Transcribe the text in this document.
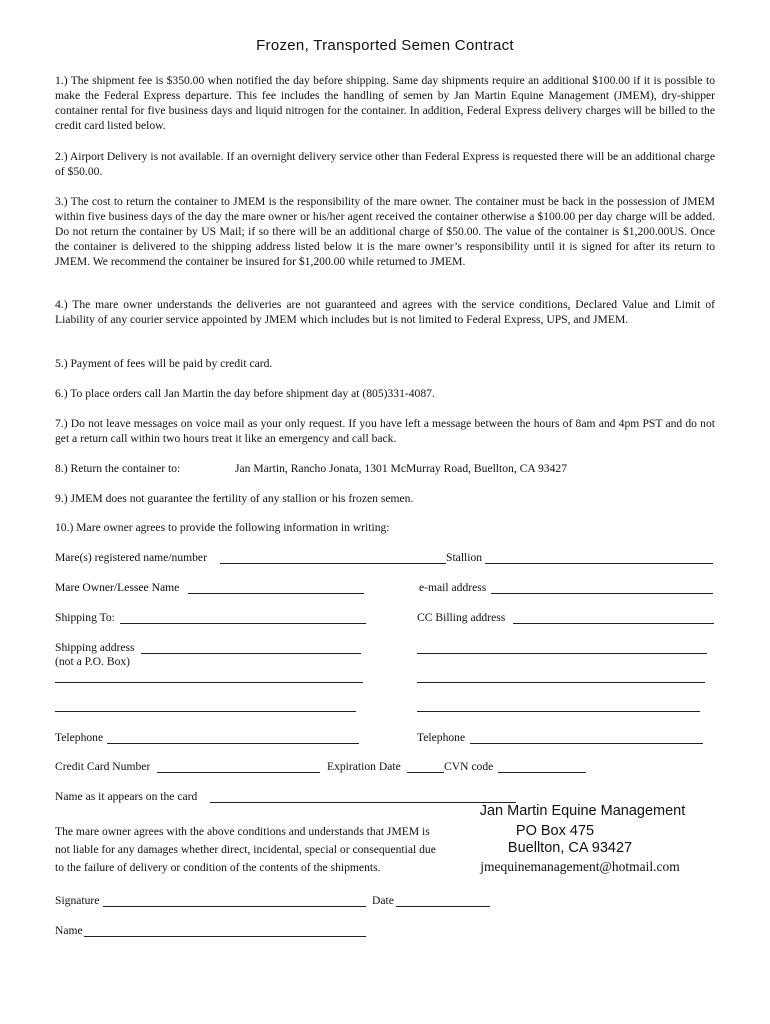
Frozen, Transported Semen Contract

1.) The shipment fee is $350.00 when notified the day before shipping. Same day shipments require an additional $100.00 if it is possible to make the Federal Express departure. This fee includes the handling of semen by Jan Martin Equine Management (JMEM), dry-shipper container rental for five business days and liquid nitrogen for the container. In addition, Federal Express delivery charges will be billed to the credit card listed below.

2.) Airport Delivery is not available. If an overnight delivery service other than Federal Express is requested there will be an additional charge of $50.00.

3.) The cost to return the container to JMEM is the responsibility of the mare owner. The container must be back in the possession of JMEM within five business days of the day the mare owner or his/her agent received the container otherwise a $100.00 per day charge will be added. Do not return the container by US Mail; if so there will be an additional charge of $50.00. The value of the container is $1,200.00US. Once the container is delivered to the shipping address listed below it is the mare owner’s responsibility until it is signed for after its return to JMEM. We recommend the container be insured for $1,200.00 while returned to JMEM.

4.) The mare owner understands the deliveries are not guaranteed and agrees with the service conditions, Declared Value and Limit of Liability of any courier service appointed by JMEM which includes but is not limited to Federal Express, UPS, and JMEM.

5.) Payment of fees will be paid by credit card.

6.) To place orders call Jan Martin the day before shipment day at (805)331-4087.

7.) Do not leave messages on voice mail as your only request. If you have left a message between the hours of 8am and 4pm PST and do not get a return call within two hours treat it like an emergency and call back.

8.) Return the container to:	Jan Martin, Rancho Jonata, 1301 McMurray Road, Buellton, CA 93427
9.) JMEM does not guarantee the fertility of any stallion or his frozen semen.
10.) Mare owner agrees to provide the following information in writing:
Mare(s) registered name/number	Stallion
Mare Owner/Lessee Name	e-mail address
Shipping To:	CC Billing address
Shipping address
(not a P.O. Box)
Telephone	Telephone
Credit Card Number	Expiration Date	CVN code
Name as it appears on the card
Jan Martin Equine Management
PO Box 475
Buellton, CA 93427
jmequinemanagement@hotmail.com
The mare owner agrees with the above conditions and understands that JMEM is
not liable for any damages whether direct, incidental, special or consequential due
to the failure of delivery or condition of the contents of the shipments.
Signature	Date
Name
